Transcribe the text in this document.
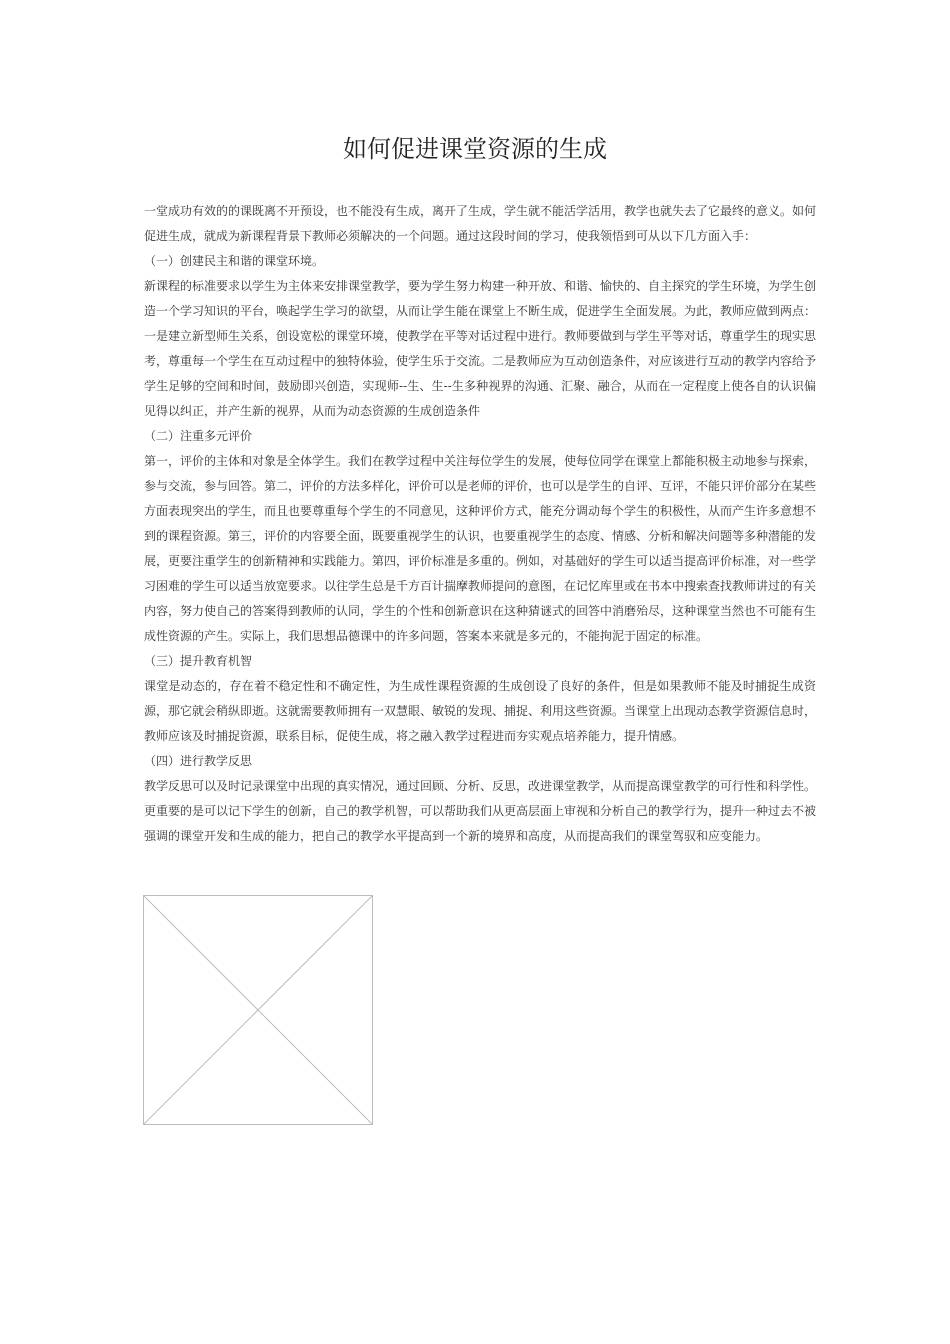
如何促进课堂资源的生成

一堂成功有效的的课既离不开预设，也不能没有生成，离开了生成，学生就不能活学活用，教学也就失去了它最终的意义。如何促进生成，就成为新课程背景下教师必须解决的一个问题。通过这段时间的学习，使我领悟到可从以下几方面入手：

（一）创建民主和谐的课堂环境。

新课程的标准要求以学生为主体来安排课堂教学，要为学生努力构建一种开放、和谐、愉快的、自主探究的学生环境，为学生创造一个学习知识的平台，唤起学生学习的欲望，从而让学生能在课堂上不断生成，促进学生全面发展。为此，教师应做到两点：一是建立新型师生关系，创设宽松的课堂环境，使教学在平等对话过程中进行。教师要做到与学生平等对话，尊重学生的现实思考，尊重每一个学生在互动过程中的独特体验，使学生乐于交流。二是教师应为互动创造条件，对应该进行互动的教学内容给予学生足够的空间和时间，鼓励即兴创造，实现师--生、生--生多种视界的沟通、汇聚、融合，从而在一定程度上使各自的认识偏见得以纠正，并产生新的视界，从而为动态资源的生成创造条件

（二）注重多元评价

第一，评价的主体和对象是全体学生。我们在教学过程中关注每位学生的发展，使每位同学在课堂上都能积极主动地参与探索，参与交流，参与回答。第二，评价的方法多样化，评价可以是老师的评价，也可以是学生的自评、互评，不能只评价部分在某些方面表现突出的学生，而且也要尊重每个学生的不同意见，这种评价方式，能充分调动每个学生的积极性，从而产生许多意想不到的课程资源。第三，评价的内容要全面，既要重视学生的认识，也要重视学生的态度、情感、分析和解决问题等多种潜能的发展，更要注重学生的创新精神和实践能力。第四，评价标准是多重的。例如，对基础好的学生可以适当提高评价标准，对一些学习困难的学生可以适当放宽要求。以往学生总是千方百计揣摩教师提问的意图，在记忆库里或在书本中搜索查找教师讲过的有关内容，努力使自己的答案得到教师的认同，学生的个性和创新意识在这种猜谜式的回答中消磨殆尽，这种课堂当然也不可能有生成性资源的产生。实际上，我们思想品德课中的许多问题，答案本来就是多元的，不能拘泥于固定的标准。

（三）提升教育机智

课堂是动态的，存在着不稳定性和不确定性，为生成性课程资源的生成创设了良好的条件，但是如果教师不能及时捕捉生成资源，那它就会稍纵即逝。这就需要教师拥有一双慧眼、敏锐的发现、捕捉、利用这些资源。当课堂上出现动态教学资源信息时，教师应该及时捕捉资源，联系目标，促使生成，将之融入教学过程进而夯实观点培养能力，提升情感。

（四）进行教学反思

教学反思可以及时记录课堂中出现的真实情况，通过回顾、分析、反思，改进课堂教学，从而提高课堂教学的可行性和科学性。更重要的是可以记下学生的创新，自己的教学机智，可以帮助我们从更高层面上审视和分析自己的教学行为，提升一种过去不被强调的课堂开发和生成的能力，把自己的教学水平提高到一个新的境界和高度，从而提高我们的课堂驾驭和应变能力。
